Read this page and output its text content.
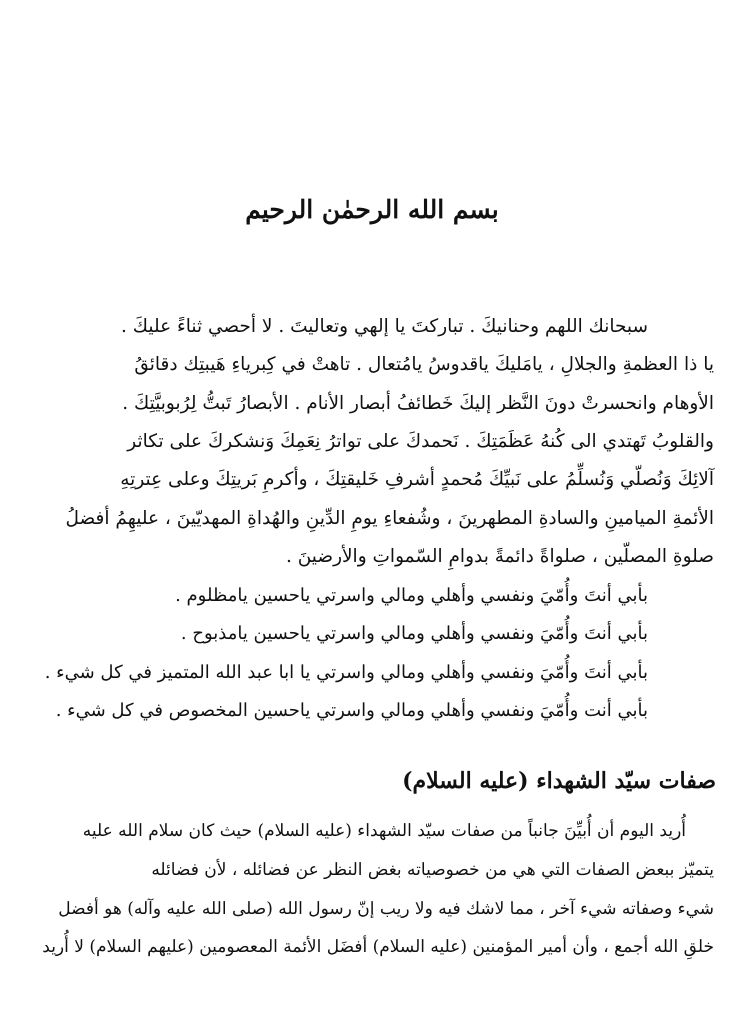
بسم الله الرحمٰن الرحيم
سبحانك اللهم وحنانيكَ . تباركتَ يا إلهي وتعاليتَ . لا أحصي ثناءً عليكَ .
يا ذا العظمةِ والجلالِ ، يامَليكَ ياقدوسُ يامُتعال . تاهتْ في كِبرياءِ هَيبتِك دقائقُ
الأوهام وانحسرتْ دونَ النَّظر إليكَ خَطائفُ أبصار الأنام . الأبصارُ تَبتُّ لِرُبوبيَّتِكَ .
والقلوبُ تَهتدي الى كُنهُ عَظَمَتِكَ . نَحمدكَ على تواترُ نِعَمِكَ وَنشكركَ على تكاثر
آلائِكَ وَنُصلّي وَنُسلِّمُ على نَبيِّكَ مُحمدٍ أشرفِ خَليقتِكَ ، وأكرمِ بَريتِكَ وعلى عِترتِهِ
الأئمةِ الميامينِ والسادةِ المطهرينَ ، وشُفعاءِ يومِ الدِّينِ والهُداةِ المهديّينَ ، عليهِمُ أفضلُ
صلوةِ المصلّين ، صلواةً دائمةً بدوامِ السّمواتِ والأرضينَ .
بأبي أنتَ وأُمّيَ ونفسي وأهلي ومالي واسرتي ياحسين يامظلوم .
بأبي أنتَ وأُمّيَ ونفسي وأهلي ومالي واسرتي ياحسين يامذبوح .
بأبي أنتَ وأُمّيَ ونفسي وأهلي ومالي واسرتي يا ابا عبد الله المتميز في كل شيء .
بأبي أنت وأُمّيَ ونفسي وأهلي ومالي واسرتي ياحسين المخصوص في كل شيء .
صفات سيّد الشهداء (عليه السلام)
أُريد اليوم أن أُبيِّنَ جانباً من صفات سيّد الشهداء (عليه السلام) حيث كان سلام الله عليه
يتميّز ببعض الصفات التي هي من خصوصياته بغض النظر عن فضائله ، لأن فضائله
شيء وصفاته شيء آخر ، مما لاشك فيه ولا ريب إنّ رسول الله (صلى الله عليه وآله) هو أفضل
خلقِ الله أجمع ، وأن أمير المؤمنين (عليه السلام) أفضَل الأئمة المعصومين (عليهم السلام) لا أُريد
